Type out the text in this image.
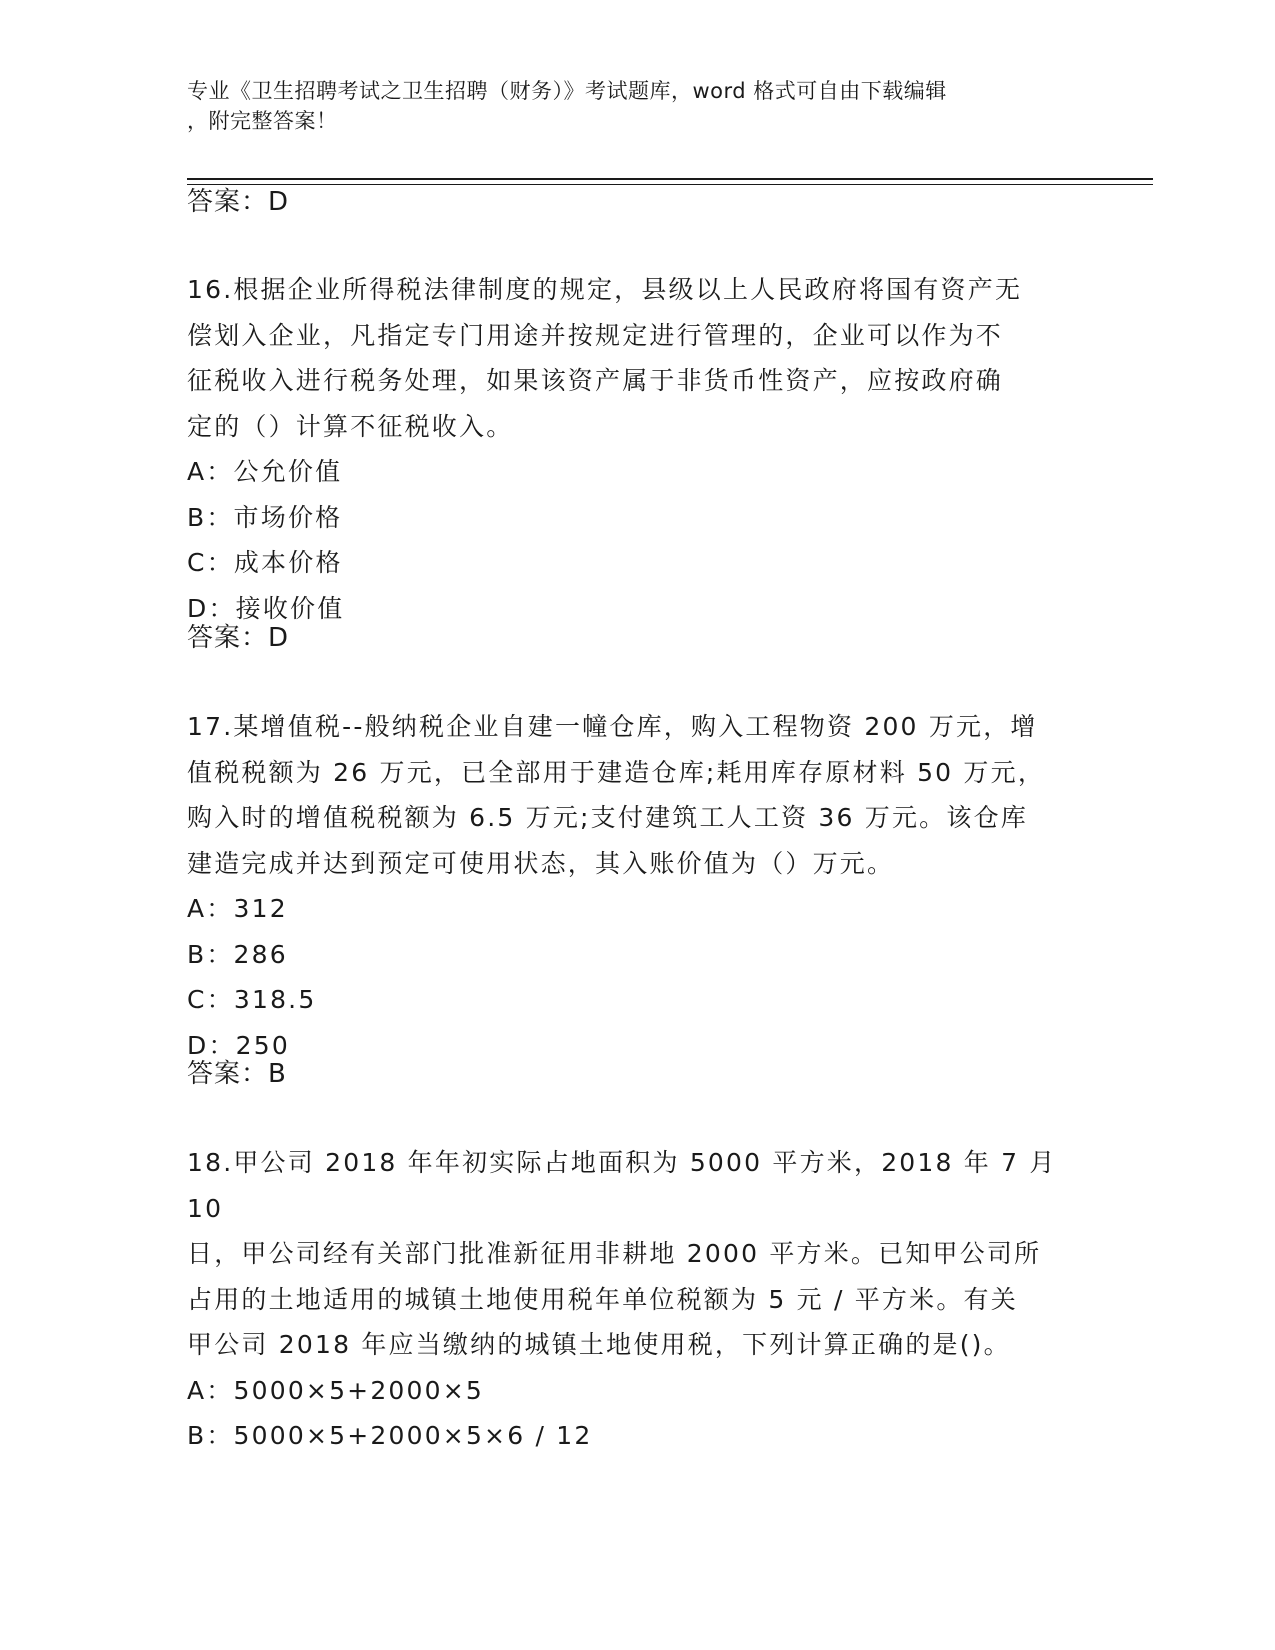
专业《卫生招聘考试之卫生招聘（财务）》考试题库，word 格式可自由下载编辑
，附完整答案！
答案：D
16.根据企业所得税法律制度的规定，县级以上人民政府将国有资产无
偿划入企业，凡指定专门用途并按规定进行管理的，企业可以作为不
征税收入进行税务处理，如果该资产属于非货币性资产，应按政府确
定的（）计算不征税收入。
A：公允价值
B：市场价格
C：成本价格
D：接收价值
答案：D
17.某增值税--般纳税企业自建一幢仓库，购入工程物资 200 万元，增
值税税额为 26 万元，已全部用于建造仓库;耗用库存原材料 50 万元，
购入时的增值税税额为 6.5 万元;支付建筑工人工资 36 万元。该仓库
建造完成并达到预定可使用状态，其入账价值为（）万元。
A：312
B：286
C：318.5
D：250
答案：B
18.甲公司 2018 年年初实际占地面积为 5000 平方米，2018 年 7 月 10
日，甲公司经有关部门批准新征用非耕地 2000 平方米。已知甲公司所
占用的土地适用的城镇土地使用税年单位税额为 5 元 / 平方米。有关
甲公司 2018 年应当缴纳的城镇土地使用税，下列计算正确的是()。
A：5000×5+2000×5
B：5000×5+2000×5×6 / 12
